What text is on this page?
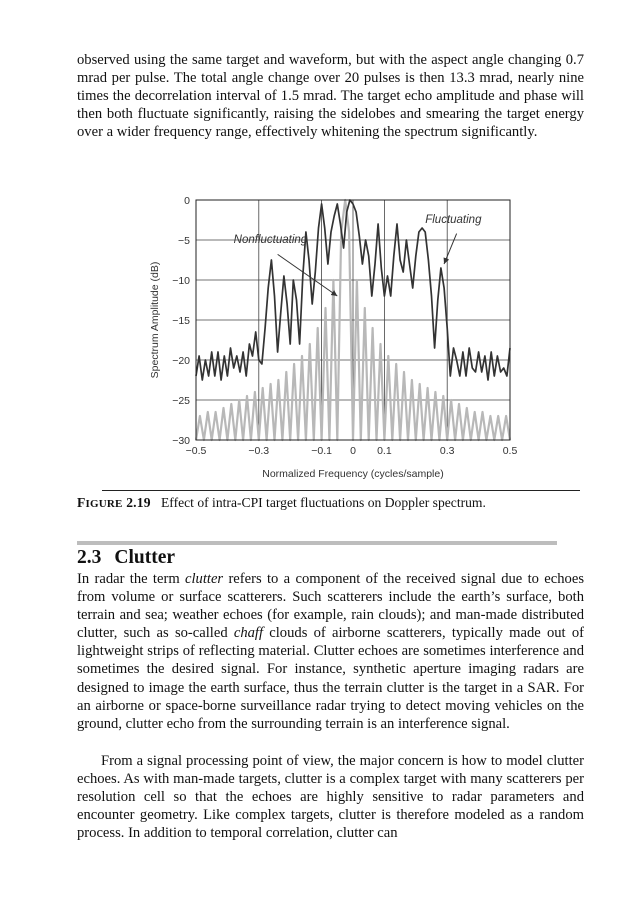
observed using the same target and waveform, but with the aspect angle changing 0.7 mrad per pulse. The total angle change over 20 pulses is then 13.3 mrad, nearly nine times the decorrelation interval of 1.5 mrad. The target echo amplitude and phase will then both fluctuate significantly, raising the sidelobes and smearing the target energy over a wider frequency range, effectively whitening the spectrum significantly.

0
−5
−10
−15
−20
−25
−30
−0.5	−0.3	−0.1 0 0.1	0.3	0.5
Normalized Frequency (cycles/sample)
Spectrum Amplitude (dB)
Nonfluctuating
Fluctuating
FIGURE 2.19 Effect of intra-CPI target fluctuations on Doppler spectrum.
2.3 Clutter

In radar the term clutter refers to a component of the received signal due to echoes from volume or surface scatterers. Such scatterers include the earth’s surface, both terrain and sea; weather echoes (for example, rain clouds); and man-made distributed clutter, such as so-called chaff clouds of airborne scatterers, typically made out of lightweight strips of reflecting material. Clutter echoes are sometimes interference and sometimes the desired signal. For instance, synthetic aperture imaging radars are designed to image the earth surface, thus the terrain clutter is the target in a SAR. For an airborne or space-borne surveillance radar trying to detect moving vehicles on the ground, clutter echo from the surrounding terrain is an interference signal.

From a signal processing point of view, the major concern is how to model clutter echoes. As with man-made targets, clutter is a complex target with many scatterers per resolution cell so that the echoes are highly sensitive to radar parameters and encounter geometry. Like complex targets, clutter is therefore modeled as a random process. In addition to temporal correlation, clutter can
